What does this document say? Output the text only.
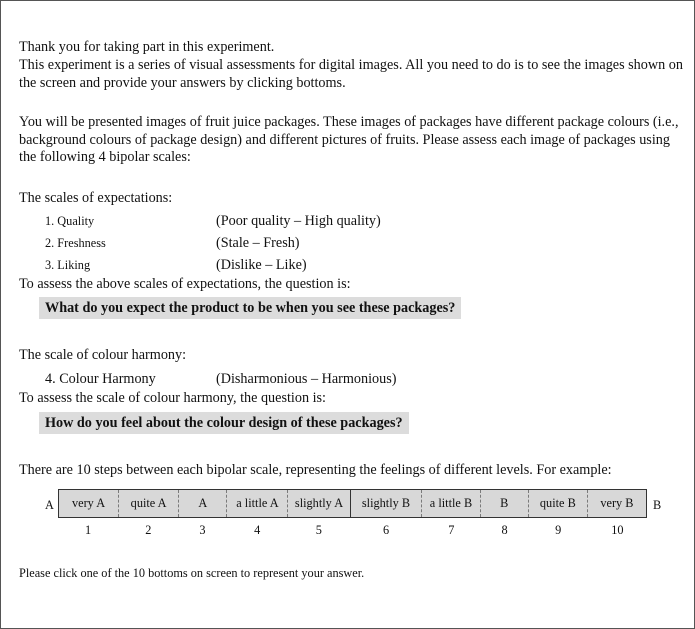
Thank you for taking part in this experiment.

This experiment is a series of visual assessments for digital images. All you need to do is to see the images shown on the screen and provide your answers by clicking bottoms.

You will be presented images of fruit juice packages. These images of packages have different package colours (i.e., background colours of package design) and different pictures of fruits. Please assess each image of packages using the following 4 bipolar scales:

The scales of expectations:

1. Quality	(Poor quality – High quality)

2. Freshness	(Stale – Fresh)

3. Liking	(Dislike – Like)

To assess the above scales of expectations, the question is:

What do you expect the product to be when you see these packages?

The scale of colour harmony:

4. Colour Harmony	(Disharmonious – Harmonious)

To assess the scale of colour harmony, the question is:

How do you feel about the colour design of these packages?

There are 10 steps between each bipolar scale, representing the feelings of different levels. For example:

A	very A	quite A	A	a little A	slightly A	slightly B	a little B	B	quite B	very B	B
1	2	3	4	5	6	7	8	9	10

Please click one of the 10 bottoms on screen to represent your answer.
